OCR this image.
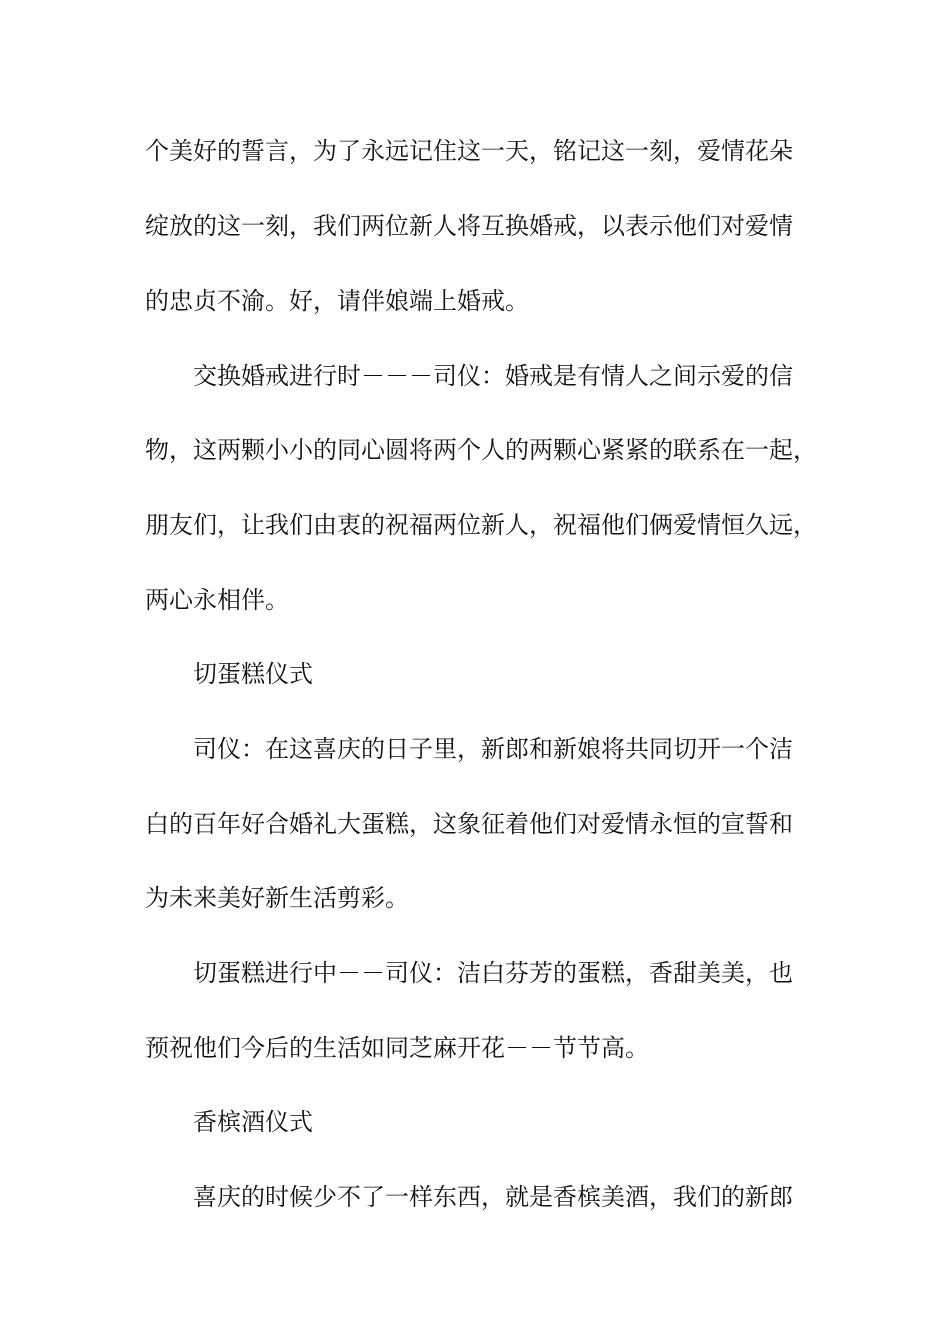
个美好的誓言，为了永远记住这一天，铭记这一刻，爱情花朵
绽放的这一刻，我们两位新人将互换婚戒，以表示他们对爱情
的忠贞不渝。好，请伴娘端上婚戒。
交换婚戒进行时－－－司仪：婚戒是有情人之间示爱的信
物，这两颗小小的同心圆将两个人的两颗心紧紧的联系在一起，
朋友们，让我们由衷的祝福两位新人，祝福他们俩爱情恒久远，
两心永相伴。
切蛋糕仪式
司仪：在这喜庆的日子里，新郎和新娘将共同切开一个洁
白的百年好合婚礼大蛋糕，这象征着他们对爱情永恒的宣誓和
为未来美好新生活剪彩。
切蛋糕进行中－－司仪：洁白芬芳的蛋糕，香甜美美，也
预祝他们今后的生活如同芝麻开花－－节节高。
香槟酒仪式
喜庆的时候少不了一样东西，就是香槟美酒，我们的新郎
